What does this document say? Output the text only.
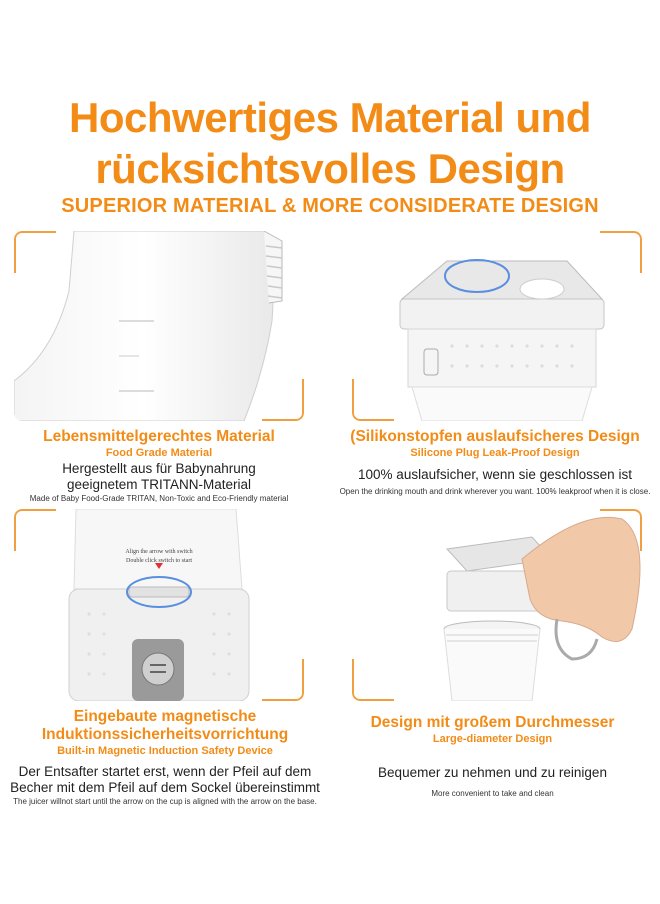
Hochwertiges Material und
rücksichtsvolles Design
SUPERIOR MATERIAL & MORE CONSIDERATE DESIGN
Align the arrow with switch
Double click switch to start
Lebensmittelgerechtes Material
Food Grade Material
Hergestellt aus für Babynahrung
geeignetem TRITANN-Material
Made of Baby Food-Grade TRITAN, Non-Toxic and Eco-Friendly material
(Silikonstopfen auslaufsicheres Design
Silicone Plug Leak-Proof Design
100% auslaufsicher, wenn sie geschlossen ist
Open the drinking mouth and drink wherever you want. 100% leakproof when it is close.
Eingebaute magnetische
Induktionssicherheitsvorrichtung
Built-in Magnetic Induction Safety Device
Der Entsafter startet erst, wenn der Pfeil auf dem
Becher mit dem Pfeil auf dem Sockel übereinstimmt
The juicer willnot start until the arrow on the cup is aligned with the arrow on the base.
Design mit großem Durchmesser
Large-diameter Design
Bequemer zu nehmen und zu reinigen
More convenient to take and clean
